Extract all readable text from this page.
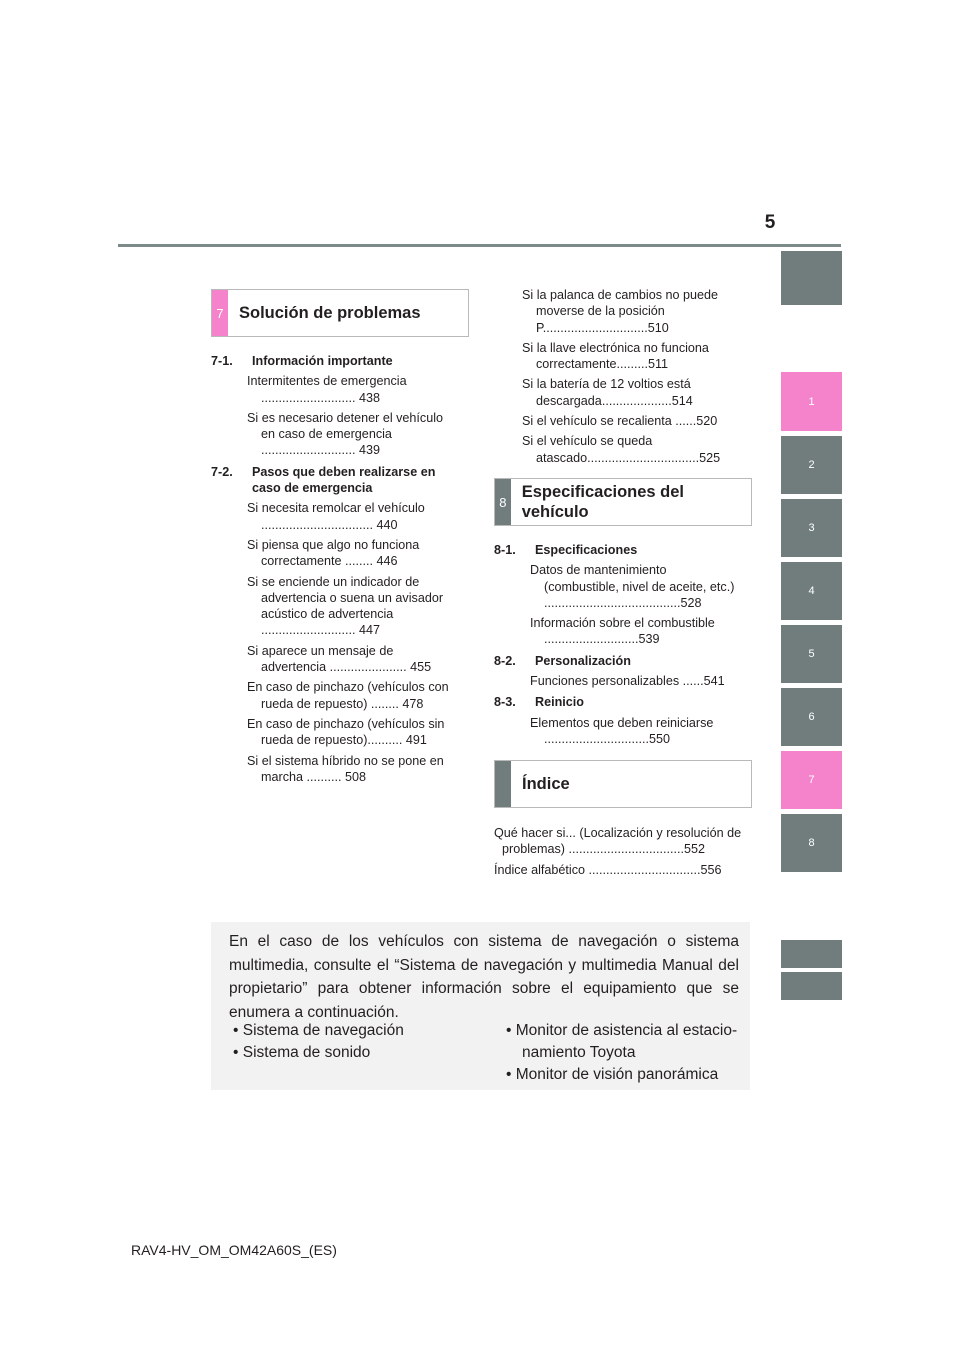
5
1
2
3
4
5
6
7
8
7 Solución de problemas

7-1. Información importante

Intermitentes de emergencia ........................... 438

Si es necesario detener el vehículo en caso de emergencia ........................... 439

7-2. Pasos que deben realizarse en caso de emergencia

Si necesita remolcar el vehículo ................................ 440

Si piensa que algo no funciona correctamente ........ 446

Si se enciende un indicador de advertencia o suena un avisador acústico de advertencia ........................... 447

Si aparece un mensaje de advertencia ...................... 455

En caso de pinchazo (vehículos con rueda de repuesto) ........ 478

En caso de pinchazo (vehículos sin rueda de repuesto).......... 491

Si el sistema híbrido no se pone en marcha .......... 508

Si la palanca de cambios no puede moverse de la posición P..............................510

Si la llave electrónica no funciona correctamente.........511

Si la batería de 12 voltios está descargada....................514

Si el vehículo se recalienta ......520

Si el vehículo se queda atascado................................525

8
Especificaciones del vehículo

8-1. Especificaciones

Datos de mantenimiento (combustible, nivel de aceite, etc.) .......................................528

Información sobre el combustible ...........................539

8-2. Personalización

Funciones personalizables ......541

8-3. Reinicio

Elementos que deben reiniciarse ..............................550

Índice

Qué hacer si... (Localización y resolución de problemas) .................................552

Índice alfabético ................................556

En el caso de los vehículos con sistema de navegación o sistema multimedia, consulte el “Sistema de navegación y multimedia Manual del propietario” para obtener información sobre el equipamiento que se enumera a continuación.

• Sistema de navegación

• Sistema de sonido

• Monitor de asistencia al estacio-namiento Toyota

• Monitor de visión panorámica

RAV4-HV_OM_OM42A60S_(ES)
